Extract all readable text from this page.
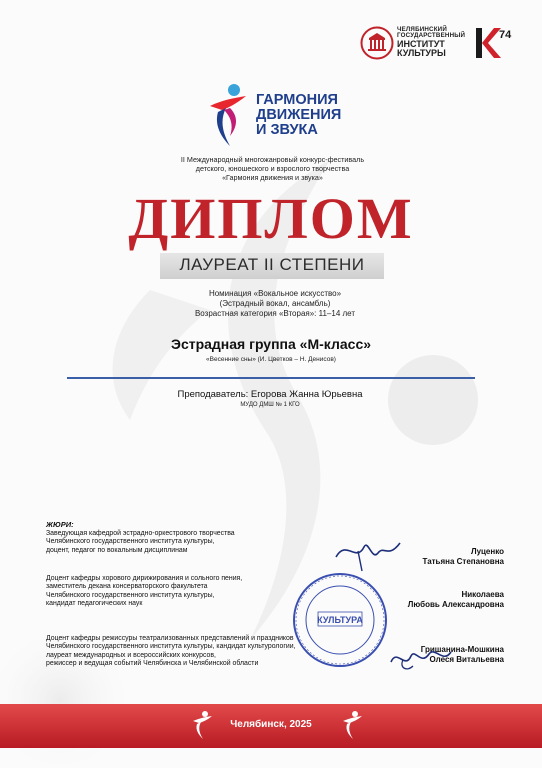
ЧЕЛЯБИНСКИЙ ГОСУДАРСТВЕННЫЙ
ИНСТИТУТ
КУЛЬТУРЫ
74
ГАРМОНИЯ
ДВИЖЕНИЯ
И ЗВУКА
II Международный многожанровый конкурс-фестиваль
детского, юношеского и взрослого творчества
«Гармония движения и звука»
ДИПЛОМ
ЛАУРЕАТ II СТЕПЕНИ
Номинация «Вокальное искусство»
(Эстрадный вокал, ансамбль)
Возрастная категория «Вторая»: 11–14 лет
Эстрадная группа «М-класс»
«Весенние сны» (И. Цветков – Н. Денисов)
Преподаватель: Егорова Жанна Юрьевна
МУДО ДМШ № 1 КГО
ЖЮРИ:
Заведующая кафедрой эстрадно-оркестрового творчества
Челябинского государственного института культуры,
доцент, педагог по вокальным дисциплинам	Луценко
Татьяна Степановна
Доцент кафедры хорового дирижирования и сольного пения,
заместитель декана консерваторского факультета
Челябинского государственного института культуры,
кандидат педагогических наук
Николаева
Любовь Александровна
Доцент кафедры режиссуры театрализованных представлений и праздников
Челябинского государственного института культуры, кандидат культурологии,
лауреат международных и всероссийских конкурсов,
режиссер и ведущая событий Челябинска и Челябинской области
Гришанина-Мошкина
Олеся Витальевна
КУЛЬТУРА
Челябинск, 2025
